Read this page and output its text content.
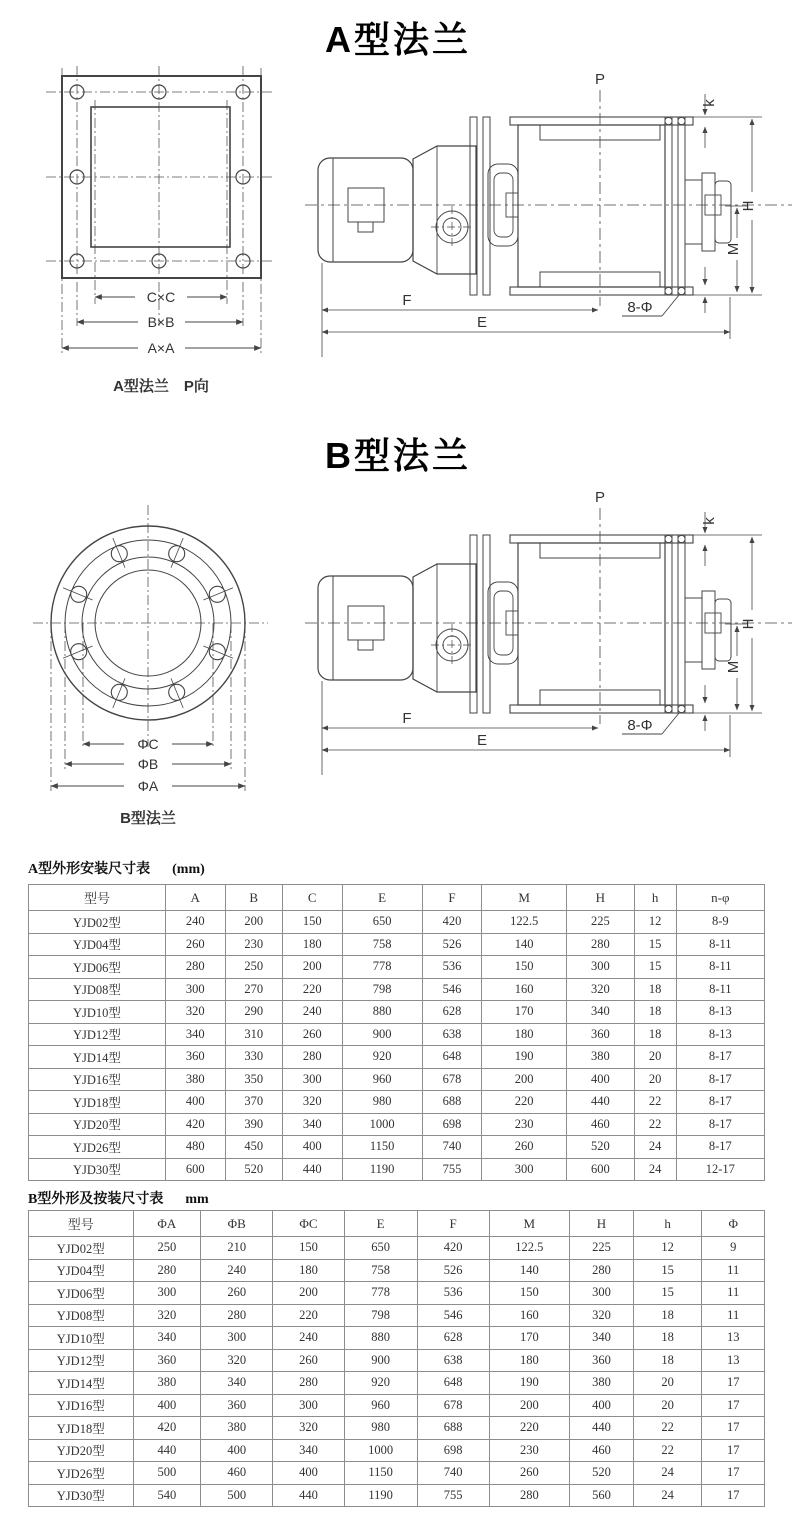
A型法兰
C×C
B×B
A×A
A型法兰　P向
P
k
H
M
F
E
8-Φ
B型法兰
ΦC
ΦB
ΦA
B型法兰
P
k
H
M
F
E
8-Φ
A型外形安装尺寸表 (mm)
型号	A	B	C	E	F	M	H	h	n-φ
YJD02型	240	200	150	650	420	122.5	225	12	8-9
YJD04型	260	230	180	758	526	140	280	15	8-11
YJD06型	280	250	200	778	536	150	300	15	8-11
YJD08型	300	270	220	798	546	160	320	18	8-11
YJD10型	320	290	240	880	628	170	340	18	8-13
YJD12型	340	310	260	900	638	180	360	18	8-13
YJD14型	360	330	280	920	648	190	380	20	8-17
YJD16型	380	350	300	960	678	200	400	20	8-17
YJD18型	400	370	320	980	688	220	440	22	8-17
YJD20型	420	390	340	1000	698	230	460	22	8-17
YJD26型	480	450	400	1150	740	260	520	24	8-17
YJD30型	600	520	440	1190	755	300	600	24	12-17
B型外形及按装尺寸表 mm
型号	ΦA	ΦB	ΦC	E	F	M	H	h	Φ
YJD02型	250	210	150	650	420	122.5	225	12	9
YJD04型	280	240	180	758	526	140	280	15	11
YJD06型	300	260	200	778	536	150	300	15	11
YJD08型	320	280	220	798	546	160	320	18	11
YJD10型	340	300	240	880	628	170	340	18	13
YJD12型	360	320	260	900	638	180	360	18	13
YJD14型	380	340	280	920	648	190	380	20	17
YJD16型	400	360	300	960	678	200	400	20	17
YJD18型	420	380	320	980	688	220	440	22	17
YJD20型	440	400	340	1000	698	230	460	22	17
YJD26型	500	460	400	1150	740	260	520	24	17
YJD30型	540	500	440	1190	755	280	560	24	17
